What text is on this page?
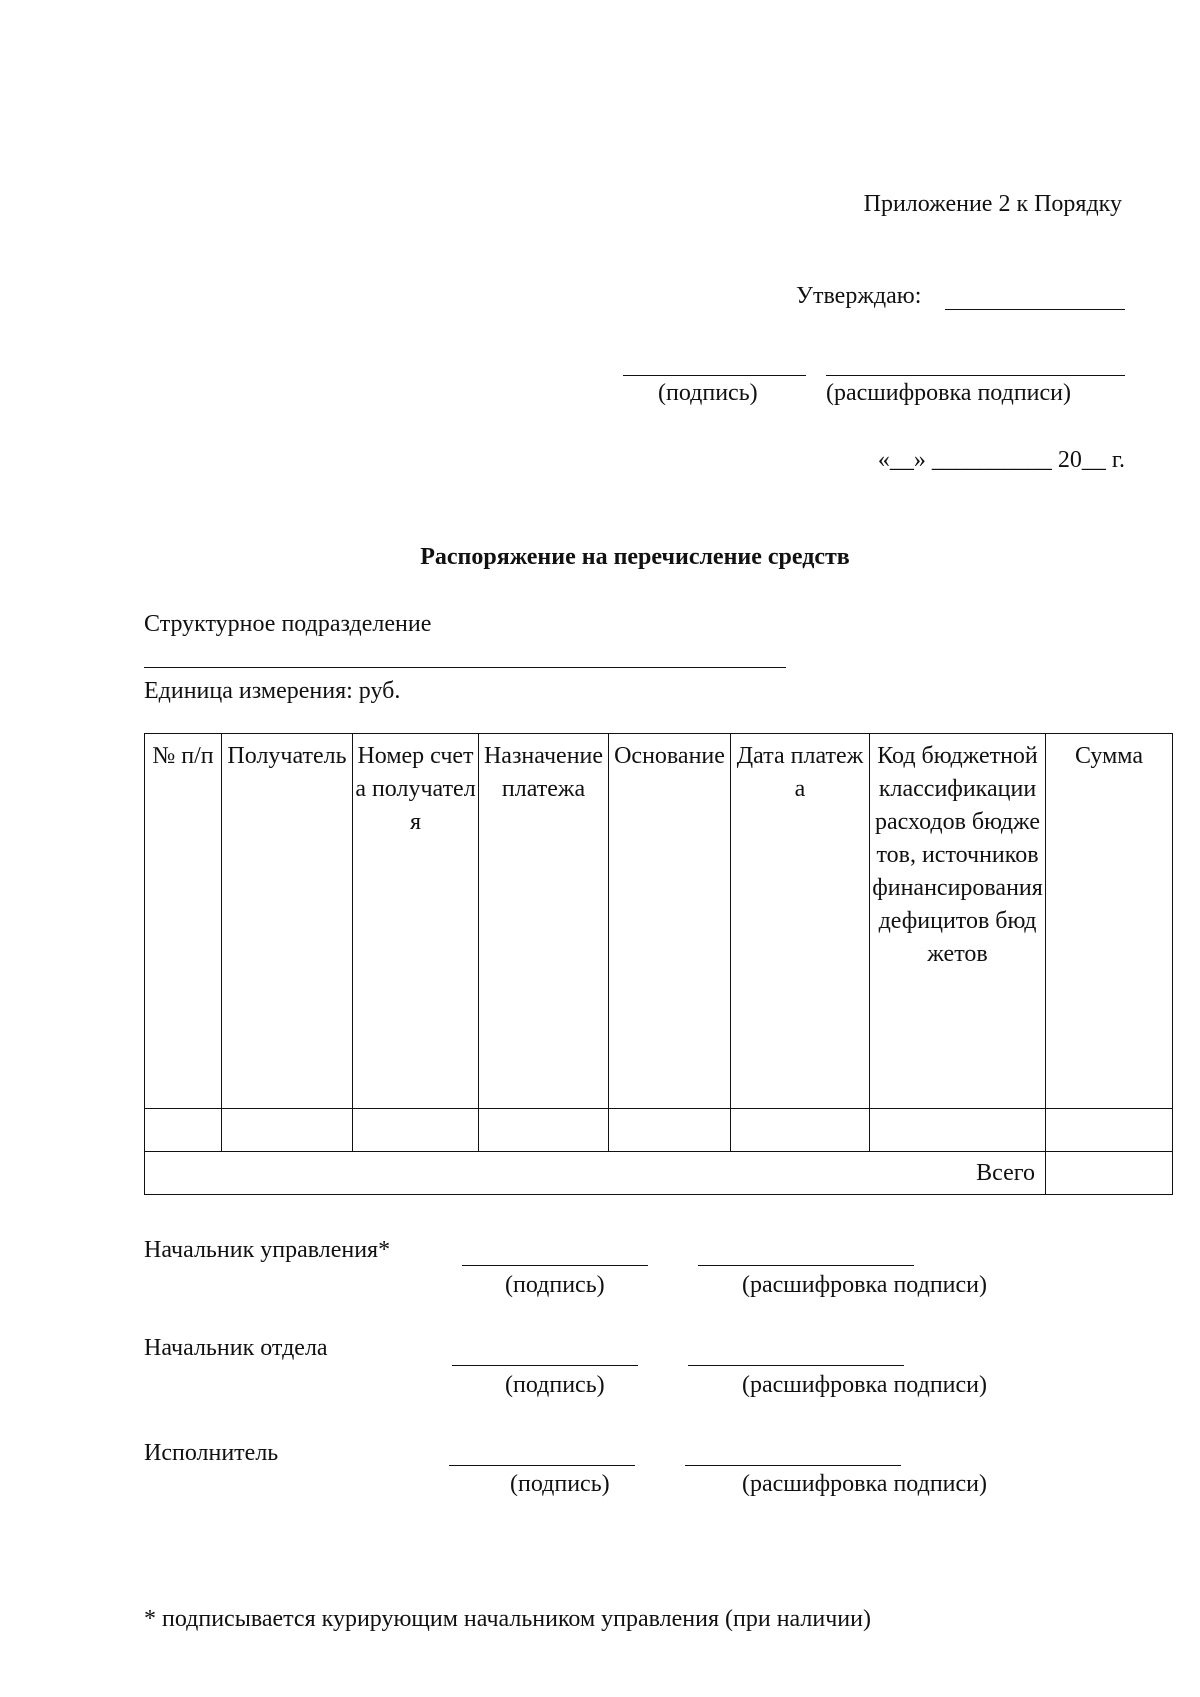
Приложение 2 к Порядку
Утверждаю:
(подпись)	(расшифровка подписи)
«__» __________ 20__ г.
Распоряжение на перечисление средств
Структурное подразделение
Единица измерения: руб.
№ п/п	Получатель	Номер счета получателя	Назначение платежа	Основание	Дата платежа	Код бюджетной классификации расходов бюджетов, источников финансирования дефицитов бюджетов	Сумма

Всего							
Начальник управления*
(подпись)	(расшифровка подписи)
Начальник отдела
(подпись)	(расшифровка подписи)
Исполнитель
(подпись)	(расшифровка подписи)
* подписывается курирующим начальником управления (при наличии)
